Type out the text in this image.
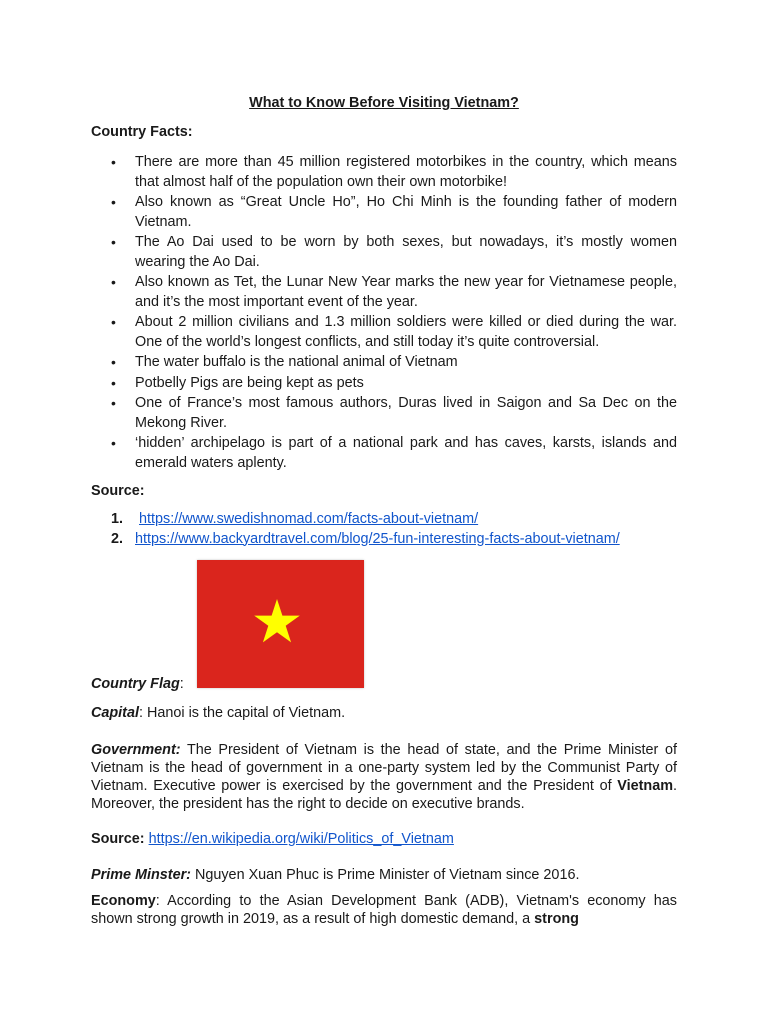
What to Know Before Visiting Vietnam?
Country Facts:
• There are more than 45 million registered motorbikes in the country, which means that almost half of the population own their own motorbike!
• Also known as “Great Uncle Ho”, Ho Chi Minh is the founding father of modern Vietnam.
• The Ao Dai used to be worn by both sexes, but nowadays, it’s mostly women wearing the Ao Dai.
• Also known as Tet, the Lunar New Year marks the new year for Vietnamese people, and it’s the most important event of the year.
• About 2 million civilians and 1.3 million soldiers were killed or died during the war. One of the world’s longest conflicts, and still today it’s quite controversial.
• The water buffalo is the national animal of Vietnam
• Potbelly Pigs are being kept as pets
• One of France’s most famous authors, Duras lived in Saigon and Sa Dec on the Mekong River.
• ‘hidden’ archipelago is part of a national park and has caves, karsts, islands and emerald waters aplenty.
Source:
1. https://www.swedishnomad.com/facts-about-vietnam/
2. https://www.backyardtravel.com/blog/25-fun-interesting-facts-about-vietnam/
Country Flag:
Capital: Hanoi is the capital of Vietnam.
Government: The President of Vietnam is the head of state, and the Prime Minister of Vietnam is the head of government in a one-party system led by the Communist Party of Vietnam. Executive power is exercised by the government and the President of Vietnam. Moreover, the president has the right to decide on executive brands.
Source: https://en.wikipedia.org/wiki/Politics_of_Vietnam
Prime Minster: Nguyen Xuan Phuc is Prime Minister of Vietnam since 2016.
Economy: According to the Asian Development Bank (ADB), Vietnam's economy has shown strong growth in 2019, as a result of high domestic demand, a strong
